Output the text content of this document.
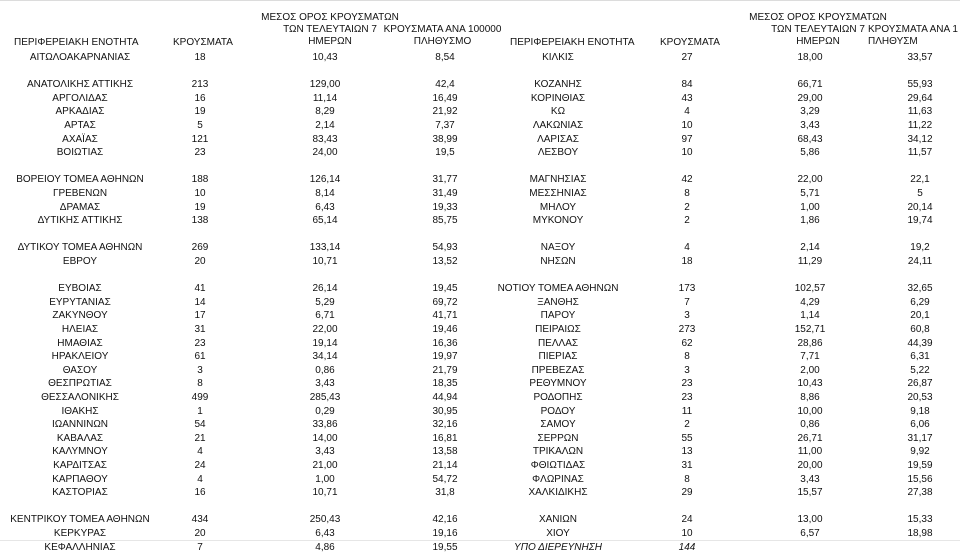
ΠΕΡΙΦΕΡΕΙΑΚΗ ΕΝΟΤΗΤΑ	ΚΡΟΥΣΜΑΤΑ
ΜΕΣΟΣ ΟΡΟΣ ΚΡΟΥΣΜΑΤΩΝ
ΤΩΝ ΤΕΛΕΥΤΑΙΩΝ 7
ΗΜΕΡΩΝ
ΚΡΟΥΣΜΑΤΑ ΑΝΑ 100000
ΠΛΗΘΥΣΜΟ	ΠΕΡΙΦΕΡΕΙΑΚΗ ΕΝΟΤΗΤΑ	ΚΡΟΥΣΜΑΤΑ
ΜΕΣΟΣ ΟΡΟΣ ΚΡΟΥΣΜΑΤΩΝ
ΤΩΝ ΤΕΛΕΥΤΑΙΩΝ 7
ΗΜΕΡΩΝ
ΚΡΟΥΣΜΑΤΑ ΑΝΑ 1
ΠΛΗΘΥΣΜ
ΑΙΤΩΛΟΑΚΑΡΝΑΝΙΑΣ	18	10,43	8,54
ΑΝΑΤΟΛΙΚΗΣ ΑΤΤΙΚΗΣ	213	129,00	42,4
ΑΡΓΟΛΙΔΑΣ	16	11,14	16,49
ΑΡΚΑΔΙΑΣ	19	8,29	21,92
ΑΡΤΑΣ	5	2,14	7,37
ΑΧΑΪΑΣ	121	83,43	38,99
ΒΟΙΩΤΙΑΣ	23	24,00	19,5
ΒΟΡΕΙΟΥ ΤΟΜΕΑ ΑΘΗΝΩΝ	188	126,14	31,77
ΓΡΕΒΕΝΩΝ	10	8,14	31,49
ΔΡΑΜΑΣ	19	6,43	19,33
ΔΥΤΙΚΗΣ ΑΤΤΙΚΗΣ	138	65,14	85,75
ΔΥΤΙΚΟΥ ΤΟΜΕΑ ΑΘΗΝΩΝ	269	133,14	54,93
ΕΒΡΟΥ	20	10,71	13,52
ΕΥΒΟΙΑΣ	41	26,14	19,45
ΕΥΡΥΤΑΝΙΑΣ	14	5,29	69,72
ΖΑΚΥΝΘΟΥ	17	6,71	41,71
ΗΛΕΙΑΣ	31	22,00	19,46
ΗΜΑΘΙΑΣ	23	19,14	16,36
ΗΡΑΚΛΕΙΟΥ	61	34,14	19,97
ΘΑΣΟΥ	3	0,86	21,79
ΘΕΣΠΡΩΤΙΑΣ	8	3,43	18,35
ΘΕΣΣΑΛΟΝΙΚΗΣ	499	285,43	44,94
ΙΘΑΚΗΣ	1	0,29	30,95
ΙΩΑΝΝΙΝΩΝ	54	33,86	32,16
ΚΑΒΑΛΑΣ	21	14,00	16,81
ΚΑΛΥΜΝΟΥ	4	3,43	13,58
ΚΑΡΔΙΤΣΑΣ	24	21,00	21,14
ΚΑΡΠΑΘΟΥ	4	1,00	54,72
ΚΑΣΤΟΡΙΑΣ	16	10,71	31,8
ΚΕΝΤΡΙΚΟΥ ΤΟΜΕΑ ΑΘΗΝΩΝ	434	250,43	42,16
ΚΕΡΚΥΡΑΣ	20	6,43	19,16
ΚΕΦΑΛΛΗΝΙΑΣ	7	4,86	19,55
ΚΙΛΚΙΣ	27	18,00	33,57
ΚΟΖΑΝΗΣ	84	66,71	55,93
ΚΟΡΙΝΘΙΑΣ	43	29,00	29,64
ΚΩ	4	3,29	11,63
ΛΑΚΩΝΙΑΣ	10	3,43	11,22
ΛΑΡΙΣΑΣ	97	68,43	34,12
ΛΕΣΒΟΥ	10	5,86	11,57
ΜΑΓΝΗΣΙΑΣ	42	22,00	22,1
ΜΕΣΣΗΝΙΑΣ	8	5,71	5
ΜΗΛΟΥ	2	1,00	20,14
ΜΥΚΟΝΟΥ	2	1,86	19,74
ΝΑΞΟΥ	4	2,14	19,2
ΝΗΣΩΝ	18	11,29	24,11
ΝΟΤΙΟΥ ΤΟΜΕΑ ΑΘΗΝΩΝ	173	102,57	32,65
ΞΑΝΘΗΣ	7	4,29	6,29
ΠΑΡΟΥ	3	1,14	20,1
ΠΕΙΡΑΙΩΣ	273	152,71	60,8
ΠΕΛΛΑΣ	62	28,86	44,39
ΠΙΕΡΙΑΣ	8	7,71	6,31
ΠΡΕΒΕΖΑΣ	3	2,00	5,22
ΡΕΘΥΜΝΟΥ	23	10,43	26,87
ΡΟΔΟΠΗΣ	23	8,86	20,53
ΡΟΔΟΥ	11	10,00	9,18
ΣΑΜΟΥ	2	0,86	6,06
ΣΕΡΡΩΝ	55	26,71	31,17
ΤΡΙΚΑΛΩΝ	13	11,00	9,92
ΦΘΙΩΤΙΔΑΣ	31	20,00	19,59
ΦΛΩΡΙΝΑΣ	8	3,43	15,56
ΧΑΛΚΙΔΙΚΗΣ	29	15,57	27,38
ΧΑΝΙΩΝ	24	13,00	15,33
ΧΙΟΥ	10	6,57	18,98
ΥΠΟ ΔΙΕΡΕΥΝΗΣΗ	144
